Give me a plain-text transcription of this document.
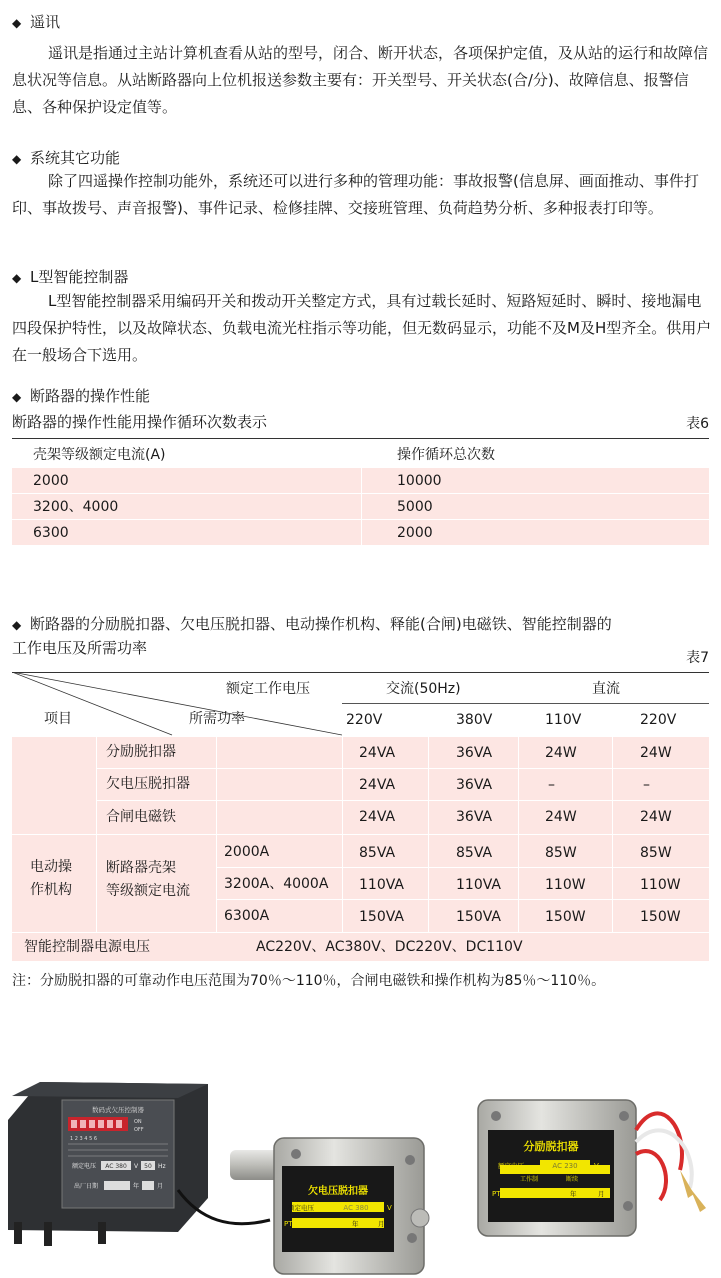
◆ 遥讯
遥讯是指通过主站计算机查看从站的型号，闭合、断开状态，各项保护定值，及从站的运行和故障信息状况等信息。从站断路器向上位机报送参数主要有：开关型号、开关状态(合/分)、故障信息、报警信息、各种保护设定值等。
◆ 系统其它功能
除了四遥操作控制功能外，系统还可以进行多种的管理功能：事故报警(信息屏、画面推动、事件打印、事故拨号、声音报警)、事件记录、检修挂牌、交接班管理、负荷趋势分析、多种报表打印等。
◆ L型智能控制器
L型智能控制器采用编码开关和拨动开关整定方式，具有过载长延时、短路短延时、瞬时、接地漏电四段保护特性，以及故障状态、负载电流光柱指示等功能，但无数码显示，功能不及M及H型齐全。供用户在一般场合下选用。
◆ 断路器的操作性能
断路器的操作性能用操作循环次数表示	表6
壳架等级额定电流(A)	操作循环总次数
2000	10000
3200、4000	5000
6300	2000
◆ 断路器的分励脱扣器、欠电压脱扣器、电动操作机构、释能(合闸)电磁铁、智能控制器的
工作电压及所需功率
表7
额定工作电压
所需功率
项目
交流(50Hz)	直流
220V	380V	110V	220V
分励脱扣器	24VA	36VA	24W	24W
欠电压脱扣器	24VA	36VA	–	–
合闸电磁铁	24VA	36VA	24W	24W
电动操
作机构
断路器壳架
等级额定电流
2000A	85VA	85VA	85W	85W
3200A、4000A 110VA	110VA	110W	110W
6300A	150VA	150VA	150W	150W
智能控制器电源电压	AC220V、AC380V、DC220V、DC110V
注：分励脱扣器的可靠动作电压范围为70％～110％，合闸电磁铁和操作机构为85％～110％。
数码式欠压控制器
ON
OFF
1 2 3 4 5 6
额定电压 AC 380 V 50 Hz
出厂日期	年	月	欠电压脱扣器
额定电压	AC 380	V
PT	年	月
分励脱扣器
额定电压	AC 230 V
工作制	断续
PT	年	月
